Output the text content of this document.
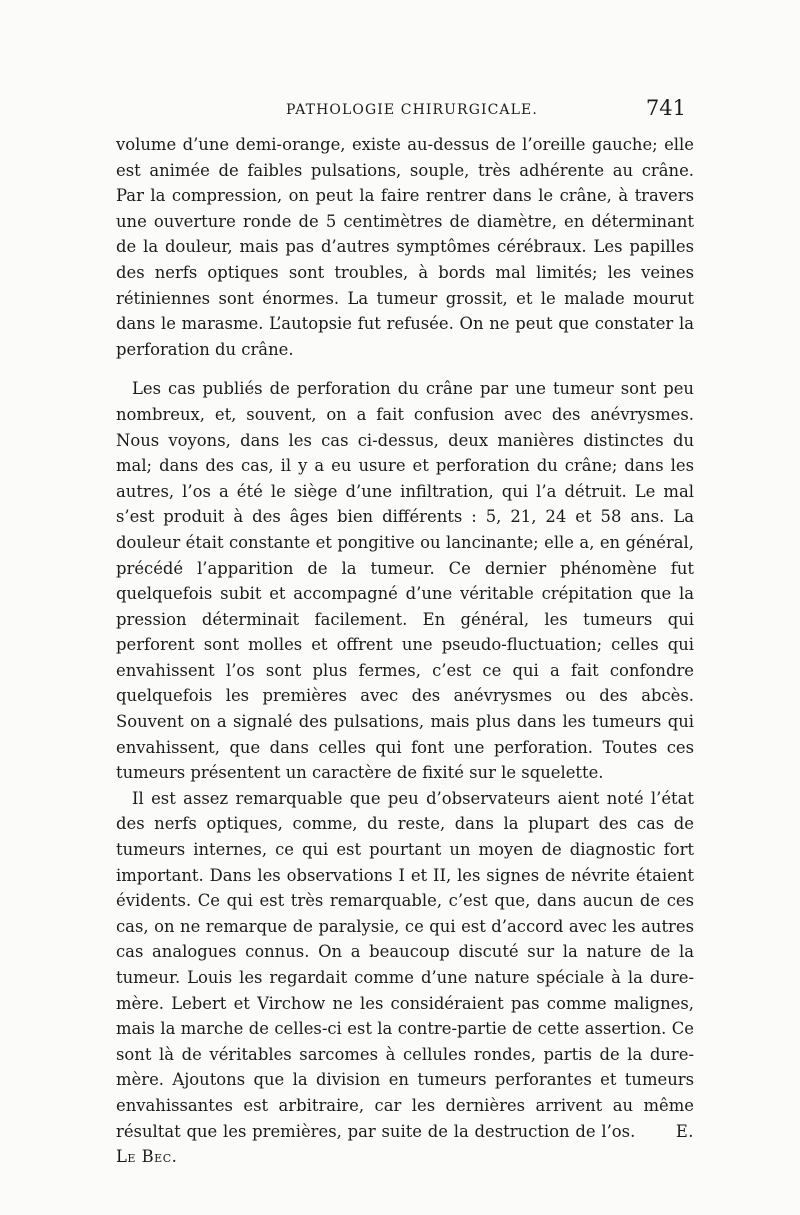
PATHOLOGIE CHIRURGICALE.	741

volume d’une demi-orange, existe au-dessus de l’oreille gauche; elle est animée de faibles pulsations, souple, très adhérente au crâne. Par la compression, on peut la faire rentrer dans le crâne, à travers une ouverture ronde de 5 centimètres de diamètre, en déterminant de la douleur, mais pas d’autres symptômes cérébraux. Les papilles des nerfs optiques sont troubles, à bords mal limités; les veines rétiniennes sont énormes. La tumeur grossit, et le malade mourut dans le marasme. L’autopsie fut refusée. On ne peut que constater la perforation du crâne.

Les cas publiés de perforation du crâne par une tumeur sont peu nombreux, et, souvent, on a fait confusion avec des anévrysmes. Nous voyons, dans les cas ci-dessus, deux manières distinctes du mal; dans des cas, il y a eu usure et perforation du crâne; dans les autres, l’os a été le siège d’une infiltration, qui l’a détruit. Le mal s’est produit à des âges bien différents : 5, 21, 24 et 58 ans. La douleur était constante et pongitive ou lancinante; elle a, en général, précédé l’apparition de la tumeur. Ce dernier phénomène fut quelquefois subit et accompagné d’une véritable crépitation que la pression déterminait facilement. En général, les tumeurs qui perforent sont molles et offrent une pseudo-fluctuation; celles qui envahissent l’os sont plus fermes, c’est ce qui a fait confondre quelquefois les premières avec des anévrysmes ou des abcès. Souvent on a signalé des pulsations, mais plus dans les tumeurs qui envahissent, que dans celles qui font une perforation. Toutes ces tumeurs présentent un caractère de fixité sur le squelette.

Il est assez remarquable que peu d’observateurs aient noté l’état des nerfs optiques, comme, du reste, dans la plupart des cas de tumeurs internes, ce qui est pourtant un moyen de diagnostic fort important. Dans les observations I et II, les signes de névrite étaient évidents. Ce qui est très remarquable, c’est que, dans aucun de ces cas, on ne remarque de paralysie, ce qui est d’accord avec les autres cas analogues connus. On a beaucoup discuté sur la nature de la tumeur. Louis les regardait comme d’une nature spéciale à la dure-mère. Lebert et Virchow ne les considéraient pas comme malignes, mais la marche de celles-ci est la contre-partie de cette assertion. Ce sont là de véritables sarcomes à cellules rondes, partis de la dure-mère. Ajoutons que la division en tumeurs perforantes et tumeurs envahissantes est arbitraire, car les dernières arrivent au même résultat que les premières, par suite de la destruction de l’os. E. Le Bec.
